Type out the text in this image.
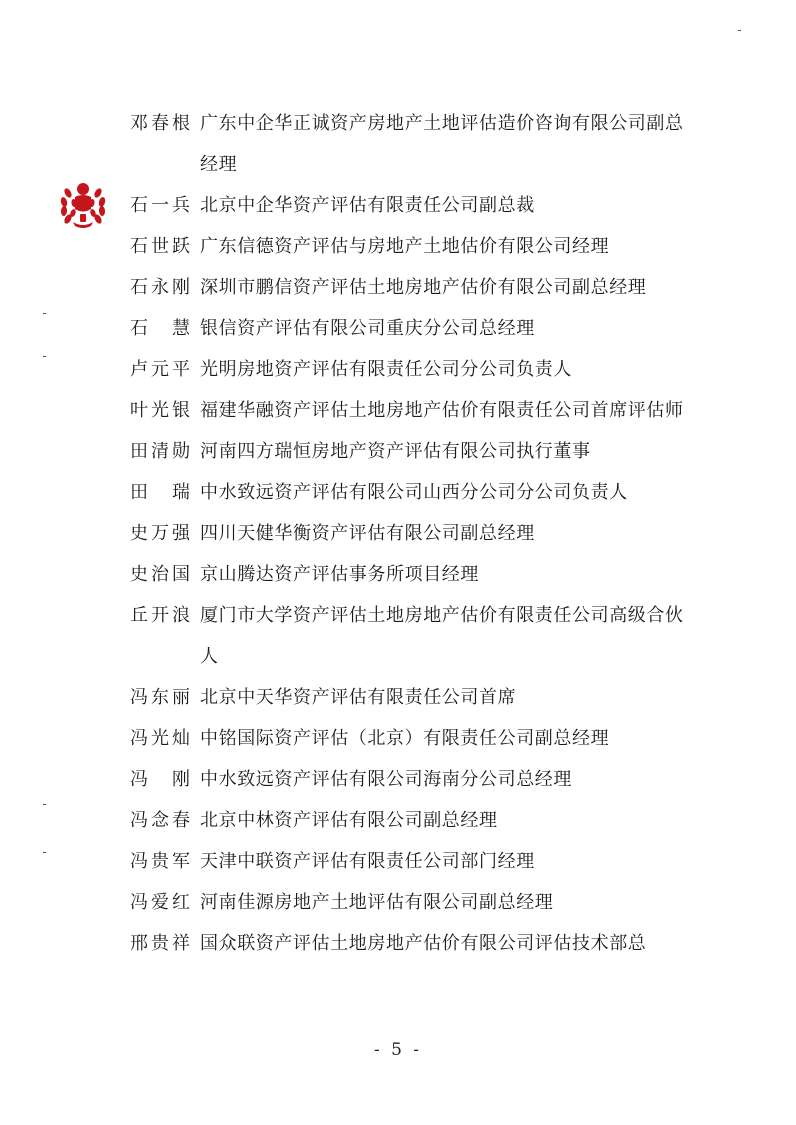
邓春根 广东中企华正诚资产房地产土地评估造价咨询有限公司副总经理
石一兵 北京中企华资产评估有限责任公司副总裁
石世跃 广东信德资产评估与房地产土地估价有限公司经理
石永刚 深圳市鹏信资产评估土地房地产估价有限公司副总经理
石　慧 银信资产评估有限公司重庆分公司总经理
卢元平 光明房地资产评估有限责任公司分公司负责人
叶光银 福建华融资产评估土地房地产估价有限责任公司首席评估师
田清勋 河南四方瑞恒房地产资产评估有限公司执行董事
田　瑞 中水致远资产评估有限公司山西分公司分公司负责人
史万强 四川天健华衡资产评估有限公司副总经理
史治国 京山腾达资产评估事务所项目经理
丘开浪 厦门市大学资产评估土地房地产估价有限责任公司高级合伙人
冯东丽 北京中天华资产评估有限责任公司首席
冯光灿 中铭国际资产评估（北京）有限责任公司副总经理
冯　刚 中水致远资产评估有限公司海南分公司总经理
冯念春 北京中林资产评估有限公司副总经理
冯贵军 天津中联资产评估有限责任公司部门经理
冯爱红 河南佳源房地产土地评估有限公司副总经理
邢贵祥 国众联资产评估土地房地产估价有限公司评估技术部总
- 5 -
